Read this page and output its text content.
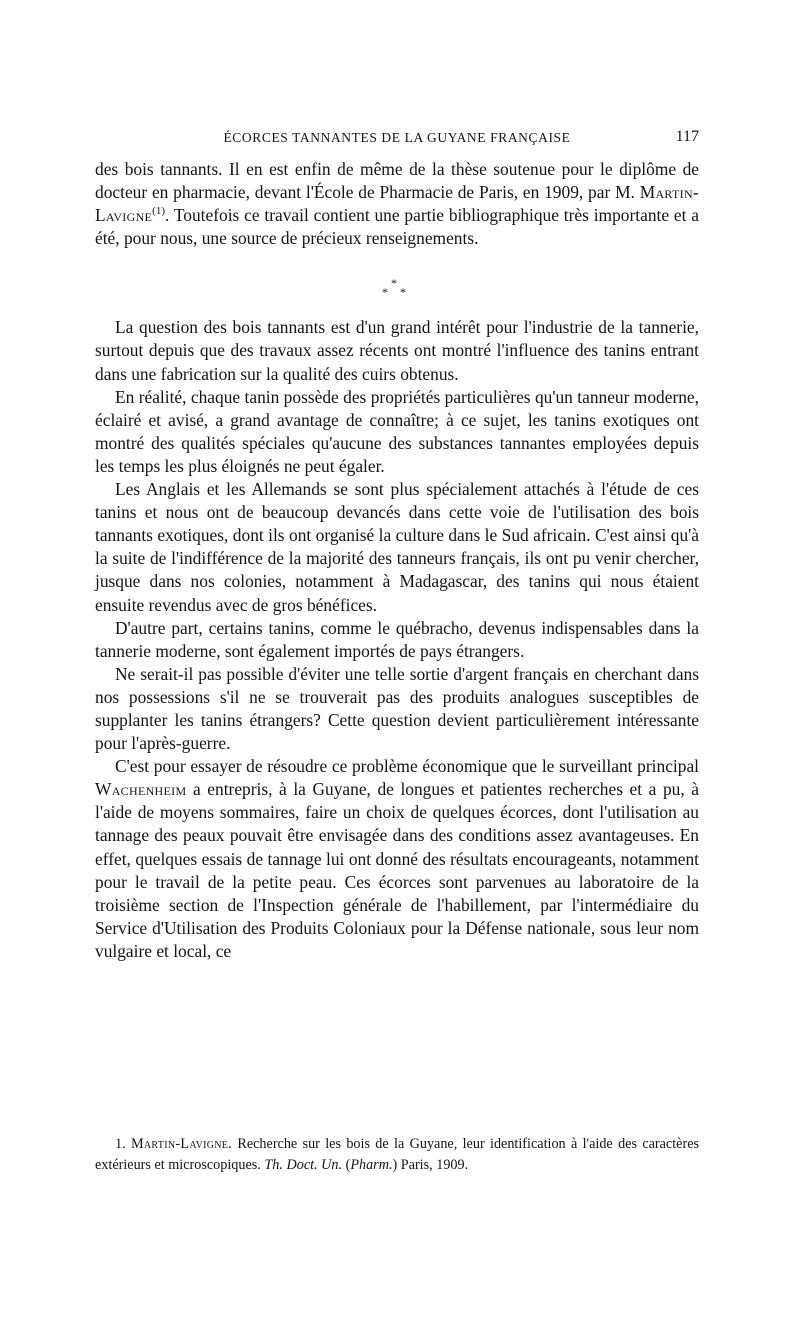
ÉCORCES TANNANTES DE LA GUYANE FRANÇAISE	117

des bois tannants. Il en est enfin de même de la thèse soutenue pour le diplôme de docteur en pharmacie, devant l'École de Pharmacie de Paris, en 1909, par M. Martin-Lavigne$^{(1)}$. Toutefois ce travail contient une partie bibliographique très importante et a été, pour nous, une source de précieux renseignements.

*
* *

La question des bois tannants est d'un grand intérêt pour l'industrie de la tannerie, surtout depuis que des travaux assez récents ont montré l'influence des tanins entrant dans une fabrication sur la qualité des cuirs obtenus.

En réalité, chaque tanin possède des propriétés particulières qu'un tanneur moderne, éclairé et avisé, a grand avantage de connaître; à ce sujet, les tanins exotiques ont montré des qualités spéciales qu'aucune des substances tannantes employées depuis les temps les plus éloignés ne peut égaler.

Les Anglais et les Allemands se sont plus spécialement attachés à l'étude de ces tanins et nous ont de beaucoup devancés dans cette voie de l'utilisation des bois tannants exotiques, dont ils ont organisé la culture dans le Sud africain. C'est ainsi qu'à la suite de l'indifférence de la majorité des tanneurs français, ils ont pu venir chercher, jusque dans nos colonies, notamment à Madagascar, des tanins qui nous étaient ensuite revendus avec de gros bénéfices.

D'autre part, certains tanins, comme le québracho, devenus indispensables dans la tannerie moderne, sont également importés de pays étrangers.

Ne serait-il pas possible d'éviter une telle sortie d'argent français en cherchant dans nos possessions s'il ne se trouverait pas des produits analogues susceptibles de supplanter les tanins étrangers? Cette question devient particulièrement intéressante pour l'après-guerre.

C'est pour essayer de résoudre ce problème économique que le surveillant principal Wachenheim a entrepris, à la Guyane, de longues et patientes recherches et a pu, à l'aide de moyens sommaires, faire un choix de quelques écorces, dont l'utilisation au tannage des peaux pouvait être envisagée dans des conditions assez avantageuses. En effet, quelques essais de tannage lui ont donné des résultats encourageants, notamment pour le travail de la petite peau. Ces écorces sont parvenues au laboratoire de la troisième section de l'Inspection générale de l'habillement, par l'intermédiaire du Service d'Utilisation des Produits Coloniaux pour la Défense nationale, sous leur nom vulgaire et local, ce

1. Martin-Lavigne. Recherche sur les bois de la Guyane, leur identification à l'aide des caractères extérieurs et microscopiques. Th. Doct. Un. (Pharm.) Paris, 1909.
